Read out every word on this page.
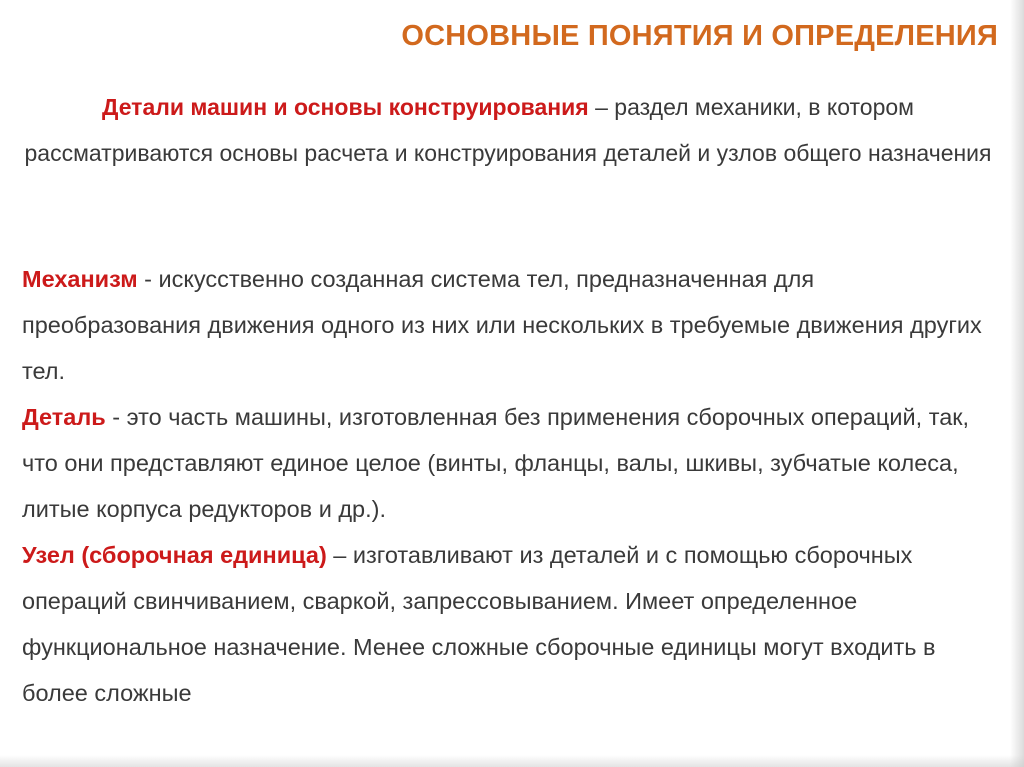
ОСНОВНЫЕ ПОНЯТИЯ И ОПРЕДЕЛЕНИЯ

Детали машин и основы конструирования – раздел механики, в котором рассматриваются основы расчета и конструирования деталей и узлов общего назначения

Механизм - искусственно созданная система тел, предназначенная для преобразования движения одного из них или нескольких в требуемые движения других тел.

Деталь - это часть машины, изготовленная без применения сборочных операций, так, что они представляют единое целое (винты, фланцы, валы, шкивы, зубчатые колеса, литые корпуса редукторов и др.).

Узел (сборочная единица) – изготавливают из деталей и с помощью сборочных операций свинчиванием, сваркой, запрессовыванием. Имеет определенное функциональное назначение. Менее сложные сборочные единицы могут входить в более сложные
